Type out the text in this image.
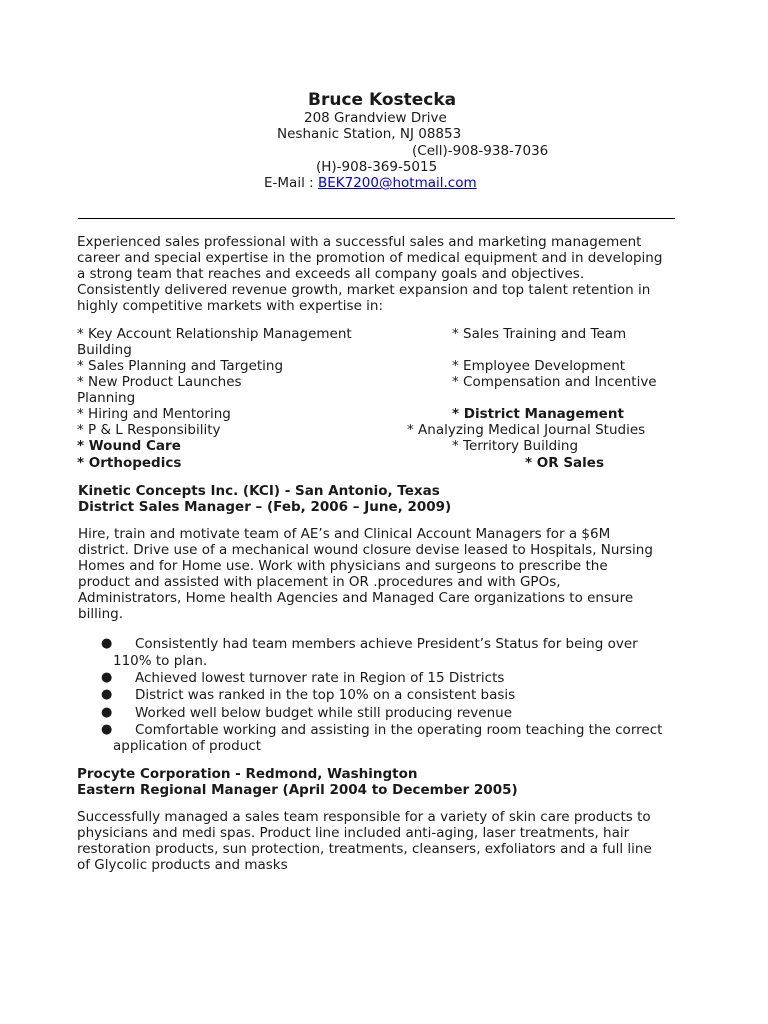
Bruce Kostecka
208 Grandview Drive
Neshanic Station, NJ 08853
(Cell)-908-938-7036
(H)-908-369-5015
E-Mail : BEK7200@hotmail.com
Experienced sales professional with a successful sales and marketing management
career and special expertise in the promotion of medical equipment and in developing
a strong team that reaches and exceeds all company goals and objectives.
Consistently delivered revenue growth, market expansion and top talent retention in
highly competitive markets with expertise in:
* Key Account Relationship Management
Building
* Sales Planning and Targeting
* New Product Launches
Planning
* Hiring and Mentoring
* P & L Responsibility
* Wound Care
* Orthopedics
* Sales Training and Team
* Employee Development
* Compensation and Incentive
* District Management
* Analyzing Medical Journal Studies
* Territory Building
* OR Sales
Kinetic Concepts Inc. (KCI) - San Antonio, Texas
District Sales Manager – (Feb, 2006 – June, 2009)
Hire, train and motivate team of AE’s and Clinical Account Managers for a $6M
district. Drive use of a mechanical wound closure devise leased to Hospitals, Nursing
Homes and for Home use. Work with physicians and surgeons to prescribe the
product and assisted with placement in OR .procedures and with GPOs,
Administrators, Home health Agencies and Managed Care organizations to ensure
billing.
● Consistently had team members achieve President’s Status for being over
110% to plan.
● Achieved lowest turnover rate in Region of 15 Districts
● District was ranked in the top 10% on a consistent basis
● Worked well below budget while still producing revenue
● Comfortable working and assisting in the operating room teaching the correct
application of product
Procyte Corporation - Redmond, Washington
Eastern Regional Manager (April 2004 to December 2005)
Successfully managed a sales team responsible for a variety of skin care products to
physicians and medi spas. Product line included anti-aging, laser treatments, hair
restoration products, sun protection, treatments, cleansers, exfoliators and a full line
of Glycolic products and masks
